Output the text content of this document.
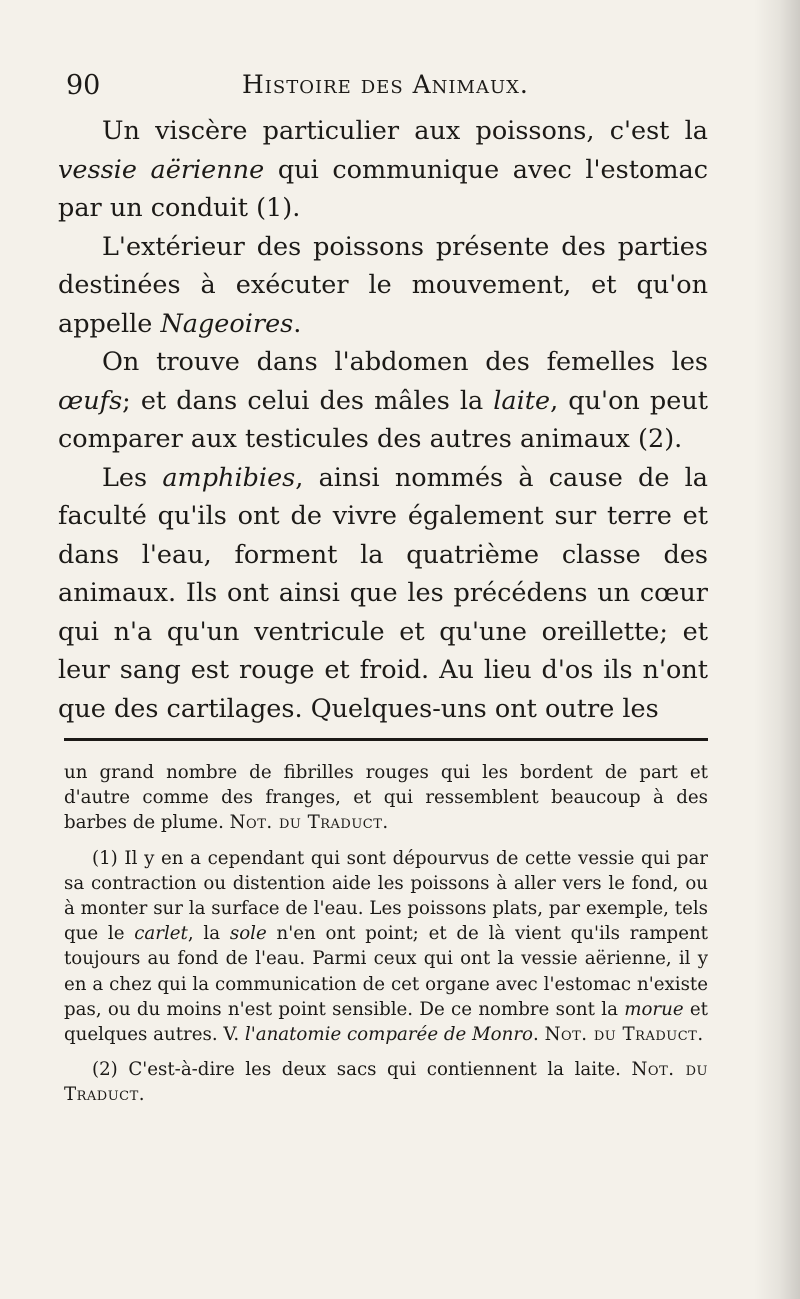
90	Histoire des Animaux.

Un viscère particulier aux poissons, c'est la vessie aërienne qui communique avec l'estomac par un conduit (1).

L'extérieur des poissons présente des parties destinées à exécuter le mouvement, et qu'on appelle Nageoires.

On trouve dans l'abdomen des femelles les œufs; et dans celui des mâles la laite, qu'on peut comparer aux testicules des autres animaux (2).

Les amphibies, ainsi nommés à cause de la faculté qu'ils ont de vivre également sur terre et dans l'eau, forment la quatrième classe des animaux. Ils ont ainsi que les précédens un cœur qui n'a qu'un ventricule et qu'une oreillette; et leur sang est rouge et froid. Au lieu d'os ils n'ont que des cartilages. Quelques-uns ont outre les

un grand nombre de fibrilles rouges qui les bordent de part et d'autre comme des franges, et qui ressemblent beaucoup à des barbes de plume. Not. du Traduct.

(1) Il y en a cependant qui sont dépourvus de cette vessie qui par sa contraction ou distention aide les poissons à aller vers le fond, ou à monter sur la surface de l'eau. Les poissons plats, par exemple, tels que le carlet, la sole n'en ont point; et de là vient qu'ils rampent toujours au fond de l'eau. Parmi ceux qui ont la vessie aërienne, il y en a chez qui la communication de cet organe avec l'estomac n'existe pas, ou du moins n'est point sensible. De ce nombre sont la morue et quelques autres. V. l'anatomie comparée de Monro. Not. du Traduct.

(2) C'est-à-dire les deux sacs qui contiennent la laite. Not. du Traduct.
